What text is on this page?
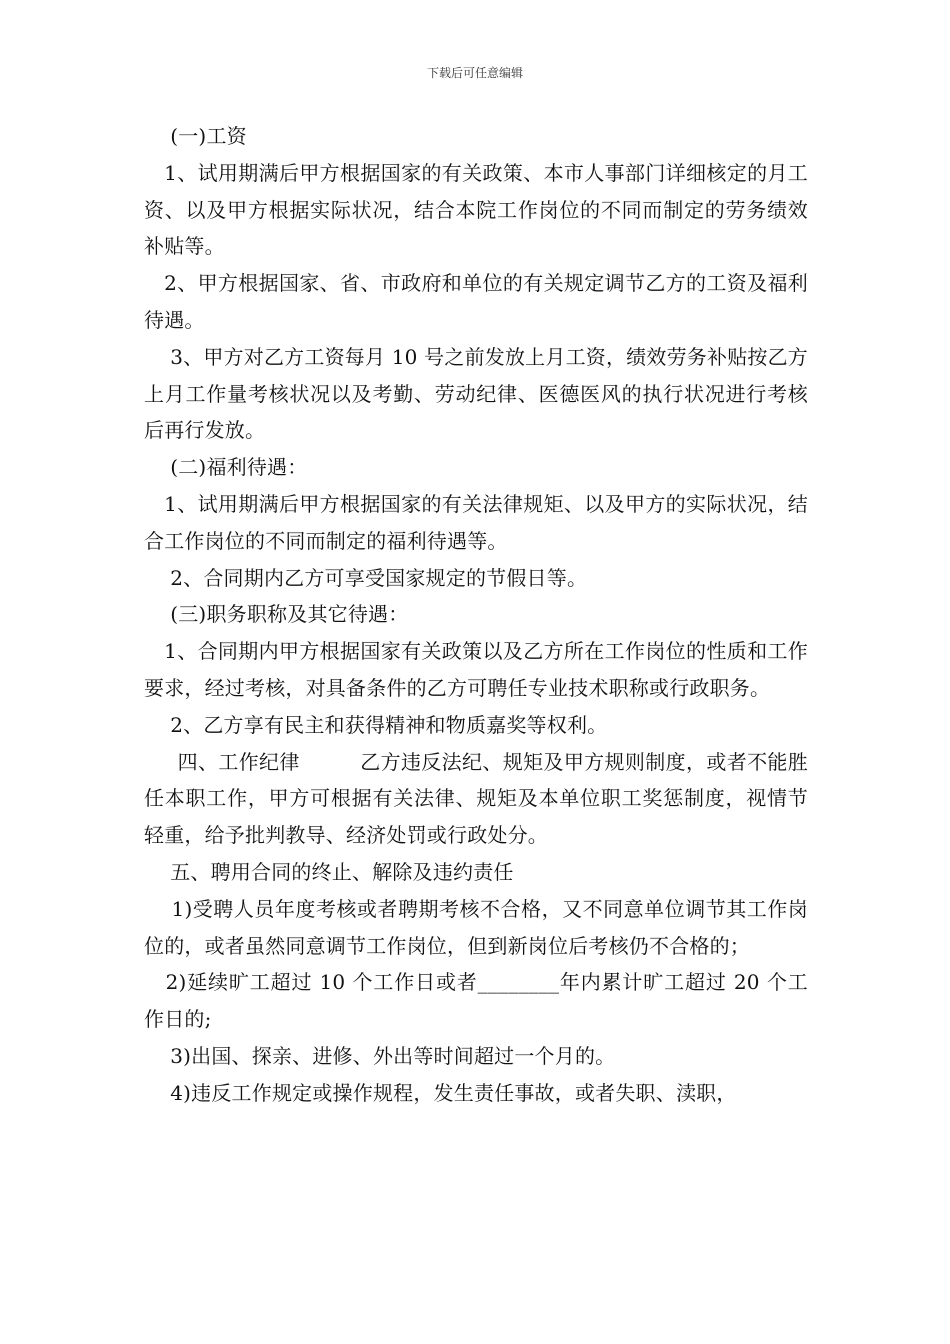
下载后可任意编辑

(一)工资

1、试用期满后甲方根据国家的有关政策、本市人事部门详细核定的月工资、以及甲方根据实际状况，结合本院工作岗位的不同而制定的劳务绩效补贴等。

2、甲方根据国家、省、市政府和单位的有关规定调节乙方的工资及福利待遇。

3、甲方对乙方工资每月 10 号之前发放上月工资，绩效劳务补贴按乙方上月工作量考核状况以及考勤、劳动纪律、医德医风的执行状况进行考核后再行发放。

(二)福利待遇：

1、试用期满后甲方根据国家的有关法律规矩、以及甲方的实际状况，结合工作岗位的不同而制定的福利待遇等。

2、合同期内乙方可享受国家规定的节假日等。

(三)职务职称及其它待遇：

1、合同期内甲方根据国家有关政策以及乙方所在工作岗位的性质和工作要求，经过考核，对具备条件的乙方可聘任专业技术职称或行政职务。

2、乙方享有民主和获得精神和物质嘉奖等权利。

四、工作纪律         乙方违反法纪、规矩及甲方规则制度，或者不能胜任本职工作，甲方可根据有关法律、规矩及本单位职工奖惩制度，视情节轻重，给予批判教导、经济处罚或行政处分。

五、聘用合同的终止、解除及违约责任

1)受聘人员年度考核或者聘期考核不合格，又不同意单位调节其工作岗位的，或者虽然同意调节工作岗位，但到新岗位后考核仍不合格的；

2)延续旷工超过 10 个工作日或者________年内累计旷工超过 20 个工作日的;

3)出国、探亲、进修、外出等时间超过一个月的。

4)违反工作规定或操作规程，发生责任事故，或者失职、渎职，
